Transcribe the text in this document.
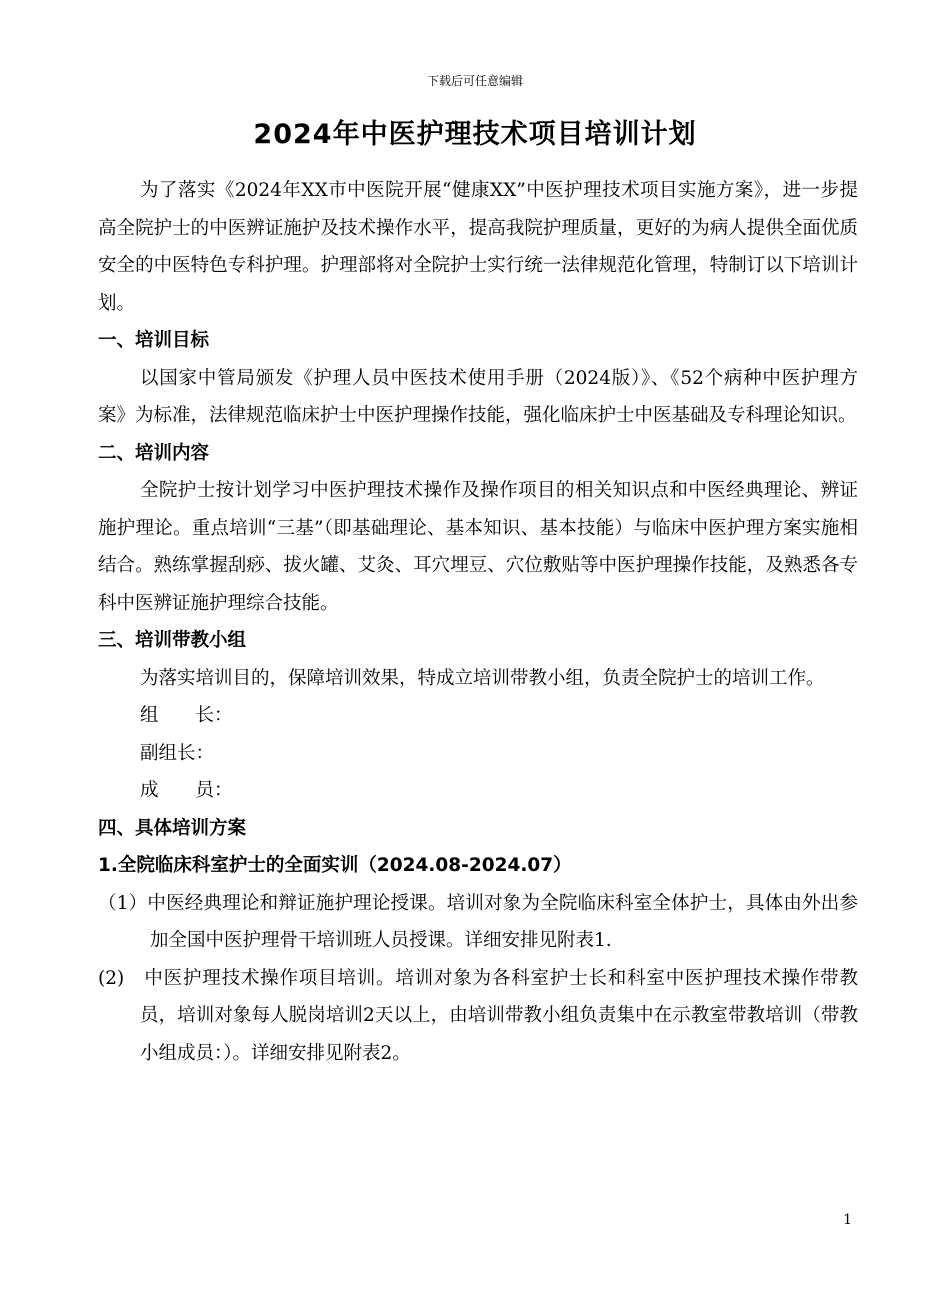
下载后可任意编辑
2024年中医护理技术项目培训计划

为了落实《2024年XX市中医院开展“健康XX”中医护理技术项目实施方案》，进一步提高全院护士的中医辨证施护及技术操作水平，提高我院护理质量，更好的为病人提供全面优质安全的中医特色专科护理。护理部将对全院护士实行统一法律规范化管理，特制订以下培训计划。

一、培训目标

以国家中管局颁发《护理人员中医技术使用手册（2024版）》、《52个病种中医护理方案》为标准，法律规范临床护士中医护理操作技能，强化临床护士中医基础及专科理论知识。

二、培训内容

全院护士按计划学习中医护理技术操作及操作项目的相关知识点和中医经典理论、辨证施护理论。重点培训“三基”（即基础理论、基本知识、基本技能）与临床中医护理方案实施相结合。熟练掌握刮痧、拔火罐、艾灸、耳穴埋豆、穴位敷贴等中医护理操作技能，及熟悉各专科中医辨证施护理综合技能。

三、培训带教小组

为落实培训目的，保障培训效果，特成立培训带教小组，负责全院护士的培训工作。

组　　长：

副组长：

成　　员：

四、具体培训方案

1.全院临床科室护士的全面实训（2024.08-2024.07）

（1）中医经典理论和辩证施护理论授课。培训对象为全院临床科室全体护士，具体由外出参加全国中医护理骨干培训班人员授课。详细安排见附表1.

(2)　中医护理技术操作项目培训。培训对象为各科室护士长和科室中医护理技术操作带教员，培训对象每人脱岗培训2天以上，由培训带教小组负责集中在示教室带教培训（带教小组成员：）。详细安排见附表2。

1
